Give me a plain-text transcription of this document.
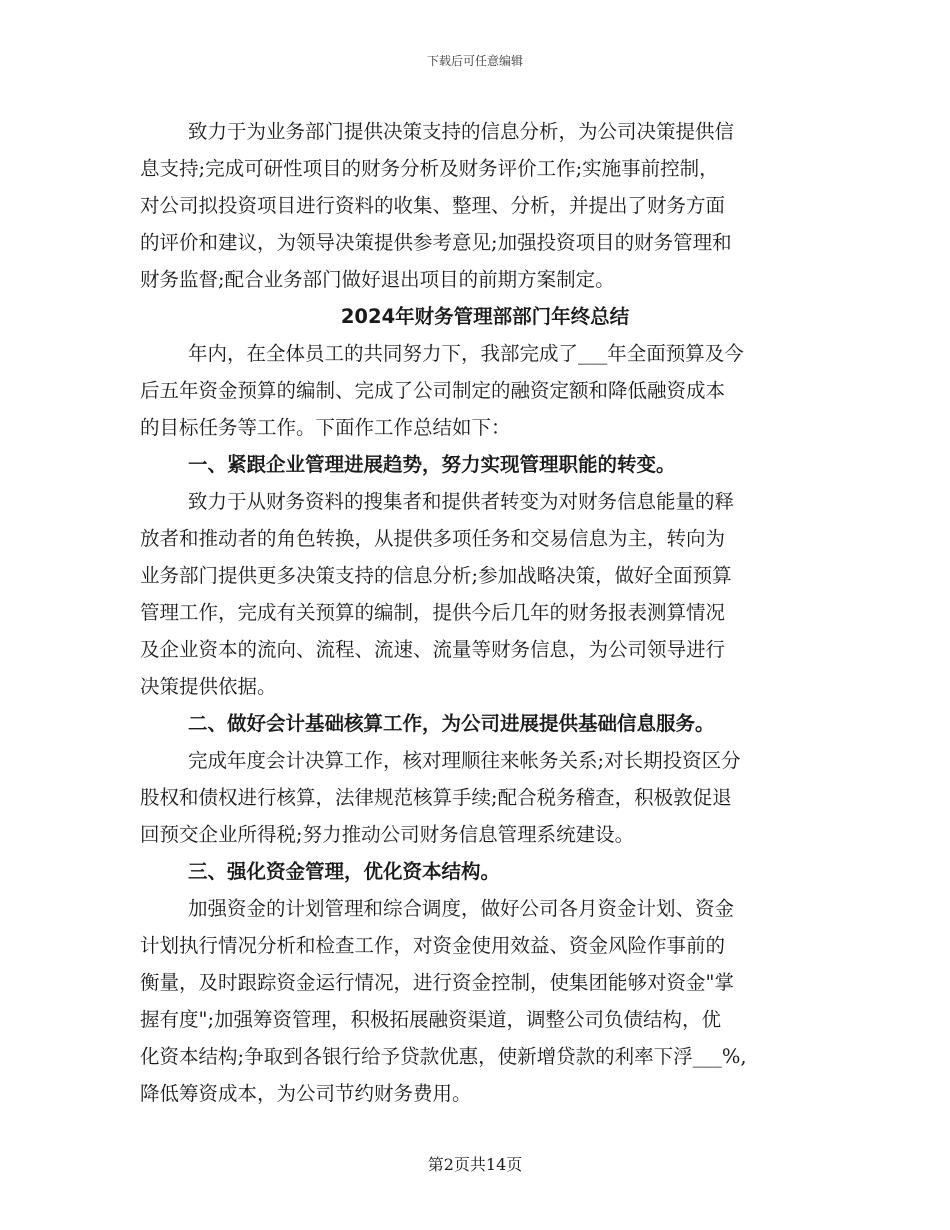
下载后可任意编辑
致力于为业务部门提供决策支持的信息分析，为公司决策提供信
息支持;完成可研性项目的财务分析及财务评价工作;实施事前控制，
对公司拟投资项目进行资料的收集、整理、分析，并提出了财务方面
的评价和建议，为领导决策提供参考意见;加强投资项目的财务管理和
财务监督;配合业务部门做好退出项目的前期方案制定。
2024年财务管理部部门年终总结
年内，在全体员工的共同努力下，我部完成了___年全面预算及今
后五年资金预算的编制、完成了公司制定的融资定额和降低融资成本
的目标任务等工作。下面作工作总结如下：
一、紧跟企业管理进展趋势，努力实现管理职能的转变。
致力于从财务资料的搜集者和提供者转变为对财务信息能量的释
放者和推动者的角色转换，从提供多项任务和交易信息为主，转向为
业务部门提供更多决策支持的信息分析;参加战略决策，做好全面预算
管理工作，完成有关预算的编制，提供今后几年的财务报表测算情况
及企业资本的流向、流程、流速、流量等财务信息，为公司领导进行
决策提供依据。
二、做好会计基础核算工作，为公司进展提供基础信息服务。
完成年度会计决算工作，核对理顺往来帐务关系;对长期投资区分
股权和债权进行核算，法律规范核算手续;配合税务稽查，积极敦促退
回预交企业所得税;努力推动公司财务信息管理系统建设。
三、强化资金管理，优化资本结构。
加强资金的计划管理和综合调度，做好公司各月资金计划、资金
计划执行情况分析和检查工作，对资金使用效益、资金风险作事前的
衡量，及时跟踪资金运行情况，进行资金控制，使集团能够对资金"掌
握有度";加强筹资管理，积极拓展融资渠道，调整公司负债结构，优
化资本结构;争取到各银行给予贷款优惠，使新增贷款的利率下浮___%,
降低筹资成本，为公司节约财务费用。
第2页共14页
